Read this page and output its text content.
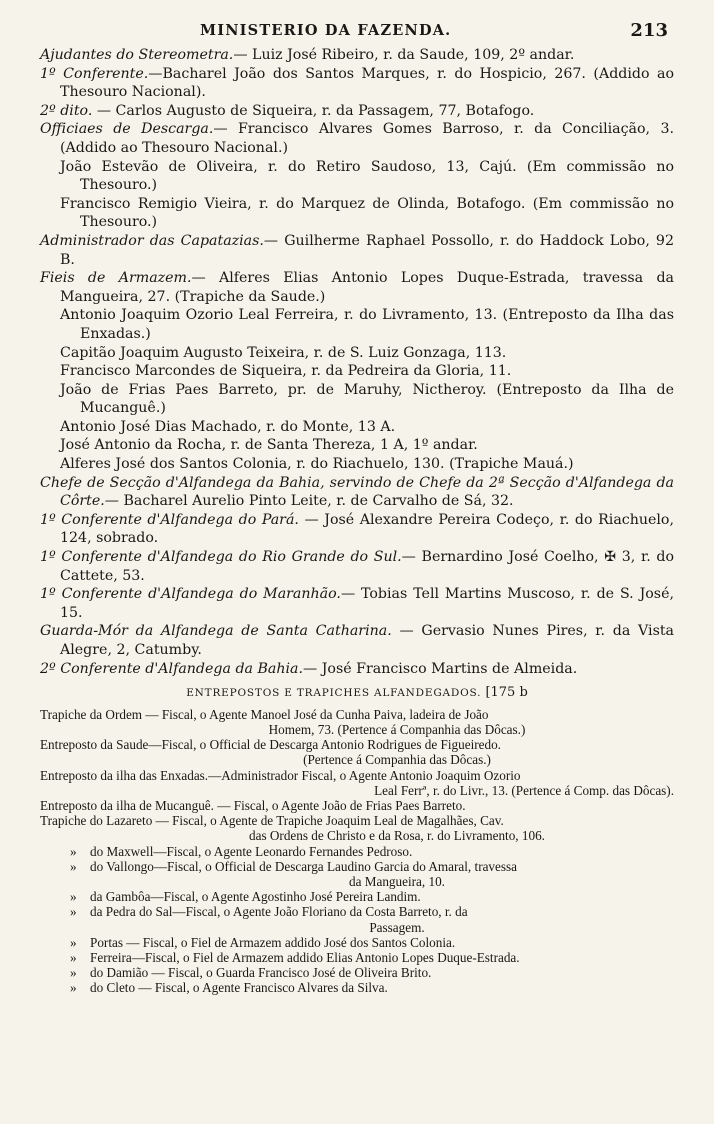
MINISTERIO DA FAZENDA.	213

Ajudantes do Stereometra.— Luiz José Ribeiro, r. da Saude, 109, 2º andar.

1º Conferente.—Bacharel João dos Santos Marques, r. do Hospicio, 267. (Addido ao Thesouro Nacional).

2º dito. — Carlos Augusto de Siqueira, r. da Passagem, 77, Botafogo.

Officiaes de Descarga.— Francisco Alvares Gomes Barroso, r. da Conciliação, 3. (Addido ao Thesouro Nacional.)

João Estevão de Oliveira, r. do Retiro Saudoso, 13, Cajú. (Em commissão no Thesouro.)

Francisco Remigio Vieira, r. do Marquez de Olinda, Botafogo. (Em commissão no Thesouro.)

Administrador das Capatazias.— Guilherme Raphael Possollo, r. do Haddock Lobo, 92 B.

Fieis de Armazem.— Alferes Elias Antonio Lopes Duque-Estrada, travessa da Mangueira, 27. (Trapiche da Saude.)

Antonio Joaquim Ozorio Leal Ferreira, r. do Livramento, 13. (Entreposto da Ilha das Enxadas.)

Capitão Joaquim Augusto Teixeira, r. de S. Luiz Gonzaga, 113.

Francisco Marcondes de Siqueira, r. da Pedreira da Gloria, 11.

João de Frias Paes Barreto, pr. de Maruhy, Nictheroy. (Entreposto da Ilha de Mucanguê.)

Antonio José Dias Machado, r. do Monte, 13 A.

José Antonio da Rocha, r. de Santa Thereza, 1 A, 1º andar.

Alferes José dos Santos Colonia, r. do Riachuelo, 130. (Trapiche Mauá.)

Chefe de Secção d'Alfandega da Bahia, servindo de Chefe da 2ª Secção d'Alfandega da Côrte.— Bacharel Aurelio Pinto Leite, r. de Carvalho de Sá, 32.

1º Conferente d'Alfandega do Pará. — José Alexandre Pereira Codeço, r. do Riachuelo, 124, sobrado.

1º Conferente d'Alfandega do Rio Grande do Sul.— Bernardino José Coelho, ✠ 3, r. do Cattete, 53.

1º Conferente d'Alfandega do Maranhão.— Tobias Tell Martins Muscoso, r. de S. José, 15.

Guarda-Mór da Alfandega de Santa Catharina. — Gervasio Nunes Pires, r. da Vista Alegre, 2, Catumby.

2º Conferente d'Alfandega da Bahia.— José Francisco Martins de Almeida.

ENTREPOSTOS E TRAPICHES ALFANDEGADOS. [175 b
Trapiche da Ordem — Fiscal, o Agente Manoel José da Cunha Paiva, ladeira de João
Homem, 73. (Pertence á Companhia das Dôcas.)
Entreposto da Saude—Fiscal, o Official de Descarga Antonio Rodrigues de Figueiredo.
(Pertence á Companhia das Dôcas.)
Entreposto da ilha das Enxadas.—Administrador Fiscal, o Agente Antonio Joaquim Ozorio
Leal Ferrª, r. do Livr., 13. (Pertence á Comp. das Dôcas).
Entreposto da ilha de Mucanguê. — Fiscal, o Agente João de Frias Paes Barreto.
Trapiche do Lazareto — Fiscal, o Agente de Trapiche Joaquim Leal de Magalhães, Cav.
das Ordens de Christo e da Rosa, r. do Livramento, 106.
»	do Maxwell—Fiscal, o Agente Leonardo Fernandes Pedroso.
»	do Vallongo—Fiscal, o Official de Descarga Laudino Garcia do Amaral, travessa
da Mangueira, 10.
»	da Gambôa—Fiscal, o Agente Agostinho José Pereira Landim.
»	da Pedra do Sal—Fiscal, o Agente João Floriano da Costa Barreto, r. da
Passagem.
»	Portas — Fiscal, o Fiel de Armazem addido José dos Santos Colonia.
»	Ferreira—Fiscal, o Fiel de Armazem addido Elias Antonio Lopes Duque-Estrada.
»	do Damião — Fiscal, o Guarda Francisco José de Oliveira Brito.
»	do Cleto — Fiscal, o Agente Francisco Alvares da Silva.
